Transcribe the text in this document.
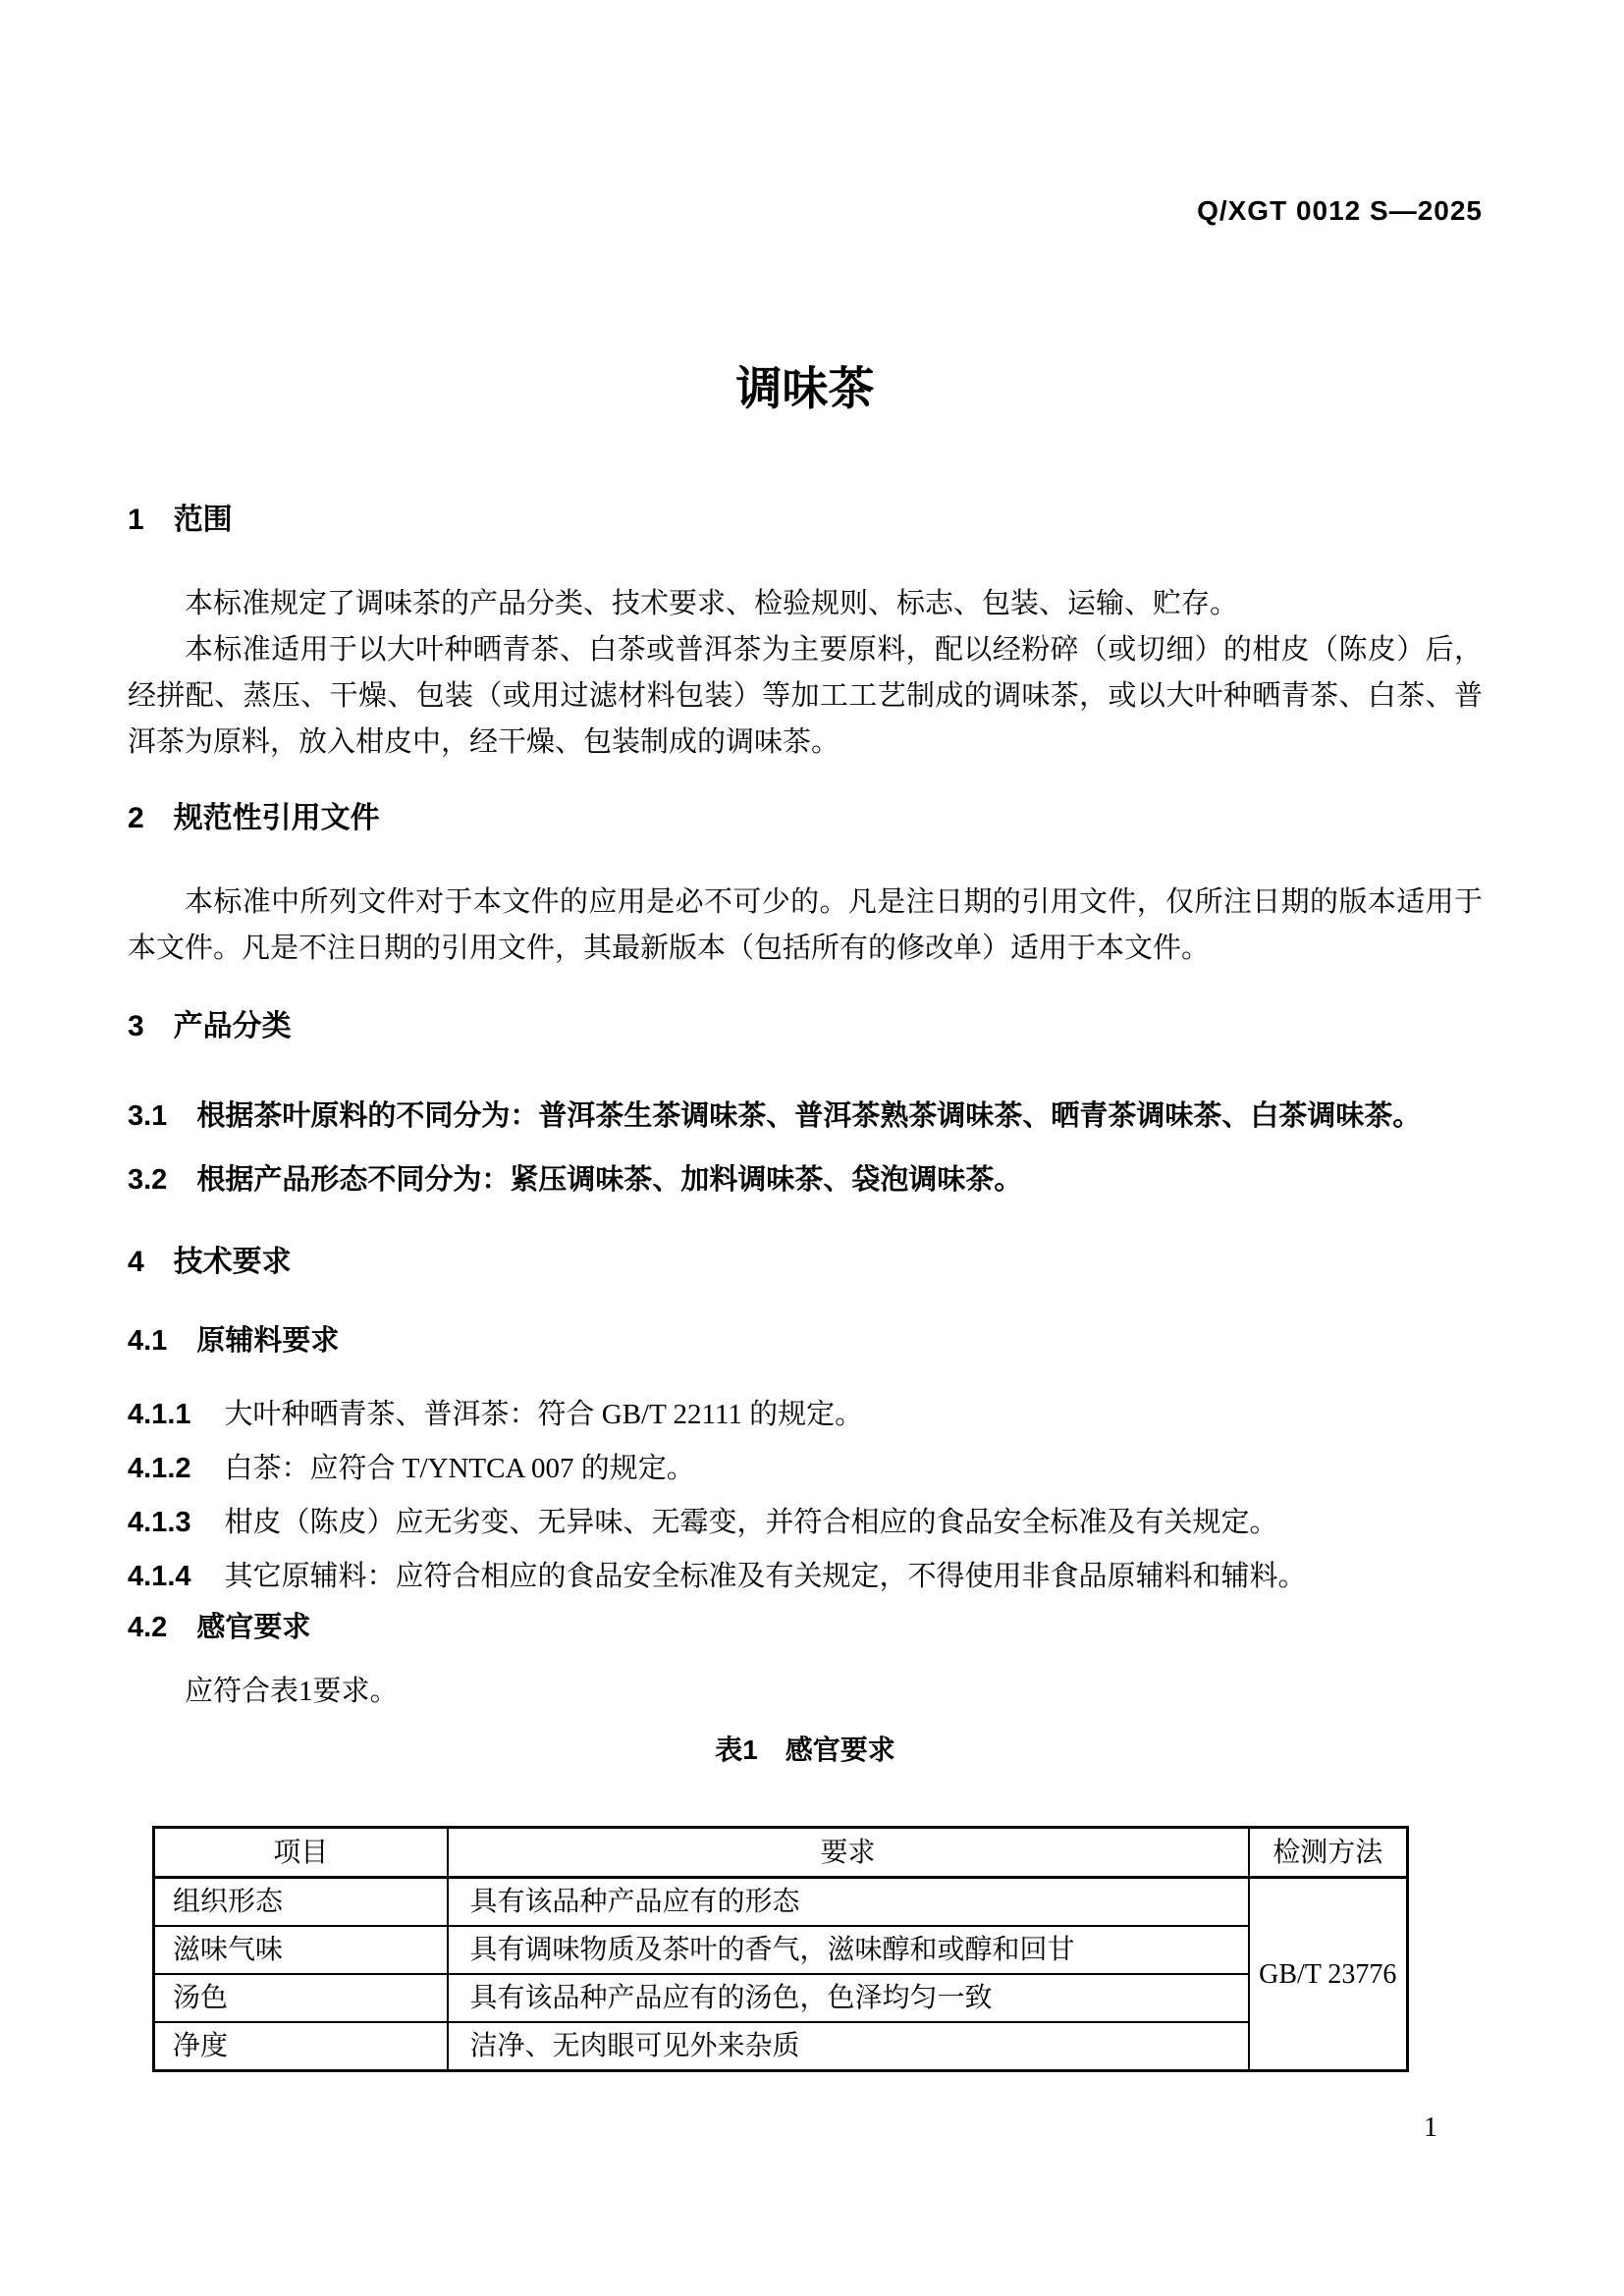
Q/XGT 0012 S—2025
调味茶
1 范围

本标准规定了调味茶的产品分类、技术要求、检验规则、标志、包装、运输、贮存。

本标准适用于以大叶种晒青茶、白茶或普洱茶为主要原料，配以经粉碎（或切细）的柑皮（陈皮）后，经拼配、蒸压、干燥、包装（或用过滤材料包装）等加工工艺制成的调味茶，或以大叶种晒青茶、白茶、普洱茶为原料，放入柑皮中，经干燥、包装制成的调味茶。

2 规范性引用文件

本标准中所列文件对于本文件的应用是必不可少的。凡是注日期的引用文件，仅所注日期的版本适用于本文件。凡是不注日期的引用文件，其最新版本（包括所有的修改单）适用于本文件。

3 产品分类

3.1 根据茶叶原料的不同分为：普洱茶生茶调味茶、普洱茶熟茶调味茶、晒青茶调味茶、白茶调味茶。

3.2 根据产品形态不同分为：紧压调味茶、加料调味茶、袋泡调味茶。

4 技术要求
4.1 原辅料要求

4.1.1 大叶种晒青茶、普洱茶：符合 GB/T 22111 的规定。

4.1.2 白茶：应符合 T/YNTCA 007 的规定。

4.1.3 柑皮（陈皮）应无劣变、无异味、无霉变，并符合相应的食品安全标准及有关规定。

4.1.4 其它原辅料：应符合相应的食品安全标准及有关规定，不得使用非食品原辅料和辅料。

4.2 感官要求

应符合表1要求。

表1 感官要求
项目	要求	检测方法
组织形态	具有该品种产品应有的形态	GB/T 23776
滋味气味	具有调味物质及茶叶的香气，滋味醇和或醇和回甘	
汤色	具有该品种产品应有的汤色，色泽均匀一致	
净度	洁净、无肉眼可见外来杂质	
1
